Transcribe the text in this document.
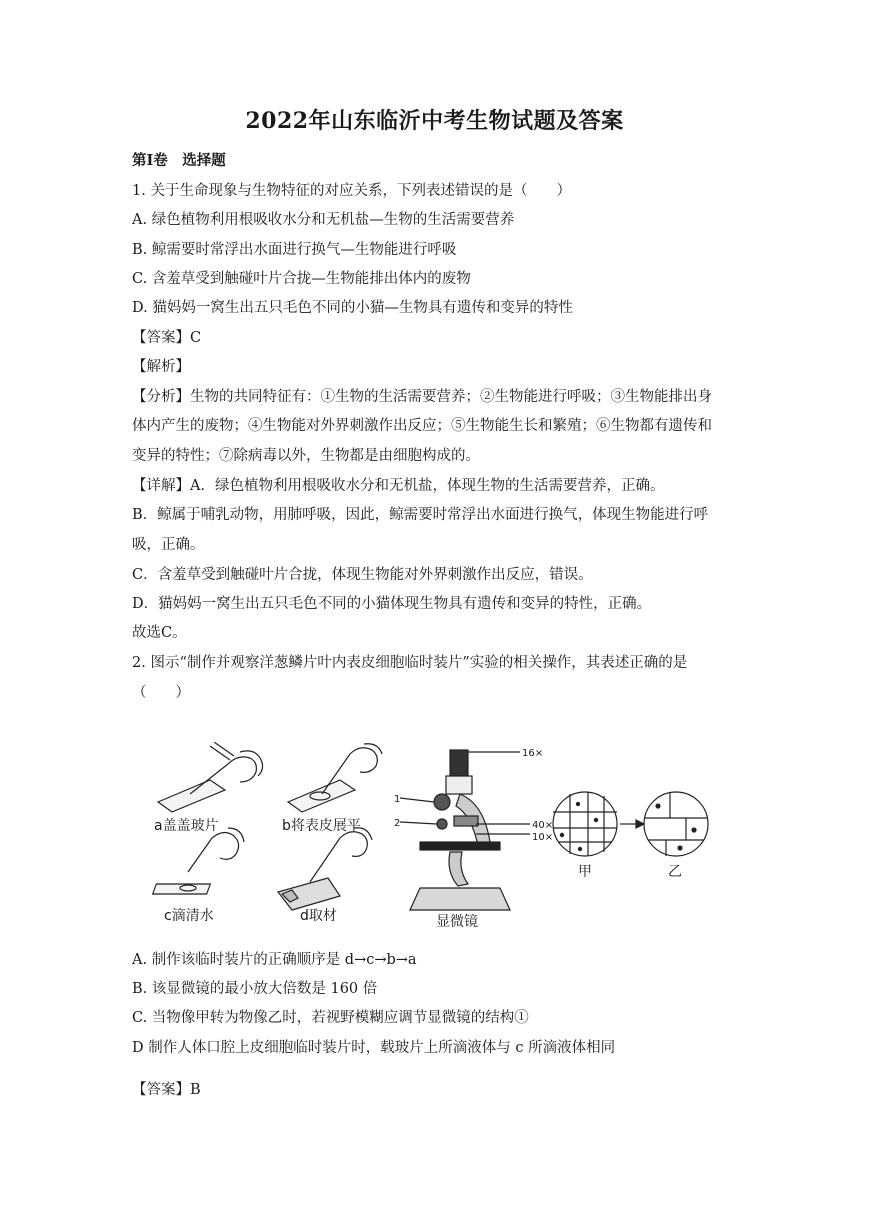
2022年山东临沂中考生物试题及答案
第Ⅰ卷　选择题
1. 关于生命现象与生物特征的对应关系，下列表述错误的是（　　）
A. 绿色植物利用根吸收水分和无机盐—生物的生活需要营养
B. 鲸需要时常浮出水面进行换气—生物能进行呼吸
C. 含羞草受到触碰叶片合拢—生物能排出体内的废物
D. 猫妈妈一窝生出五只毛色不同的小猫—生物具有遗传和变异的特性
【答案】C
【解析】
【分析】生物的共同特征有：①生物的生活需要营养；②生物能进行呼吸；③生物能排出身
体内产生的废物；④生物能对外界刺激作出反应；⑤生物能生长和繁殖；⑥生物都有遗传和
变异的特性；⑦除病毒以外，生物都是由细胞构成的。
【详解】A．绿色植物利用根吸收水分和无机盐，体现生物的生活需要营养，正确。
B．鲸属于哺乳动物，用肺呼吸，因此，鲸需要时常浮出水面进行换气，体现生物能进行呼
吸，正确。
C．含羞草受到触碰叶片合拢，体现生物能对外界刺激作出反应，错误。
D．猫妈妈一窝生出五只毛色不同的小猫体现生物具有遗传和变异的特性，正确。
故选C。
2. 图示“制作并观察洋葱鳞片叶内表皮细胞临时装片”实验的相关操作，其表述正确的是
（　　）
a盖盖玻片	b将表皮展平
c滴清水	d取材	显微镜
16×
40×
10×
1
2
甲	乙
A. 制作该临时装片的正确顺序是 d→c→b→a
B. 该显微镜的最小放大倍数是 160 倍
C. 当物像甲转为物像乙时，若视野模糊应调节显微镜的结构①
D 制作人体口腔上皮细胞临时装片时，载玻片上所滴液体与 c 所滴液体相同
【答案】B
